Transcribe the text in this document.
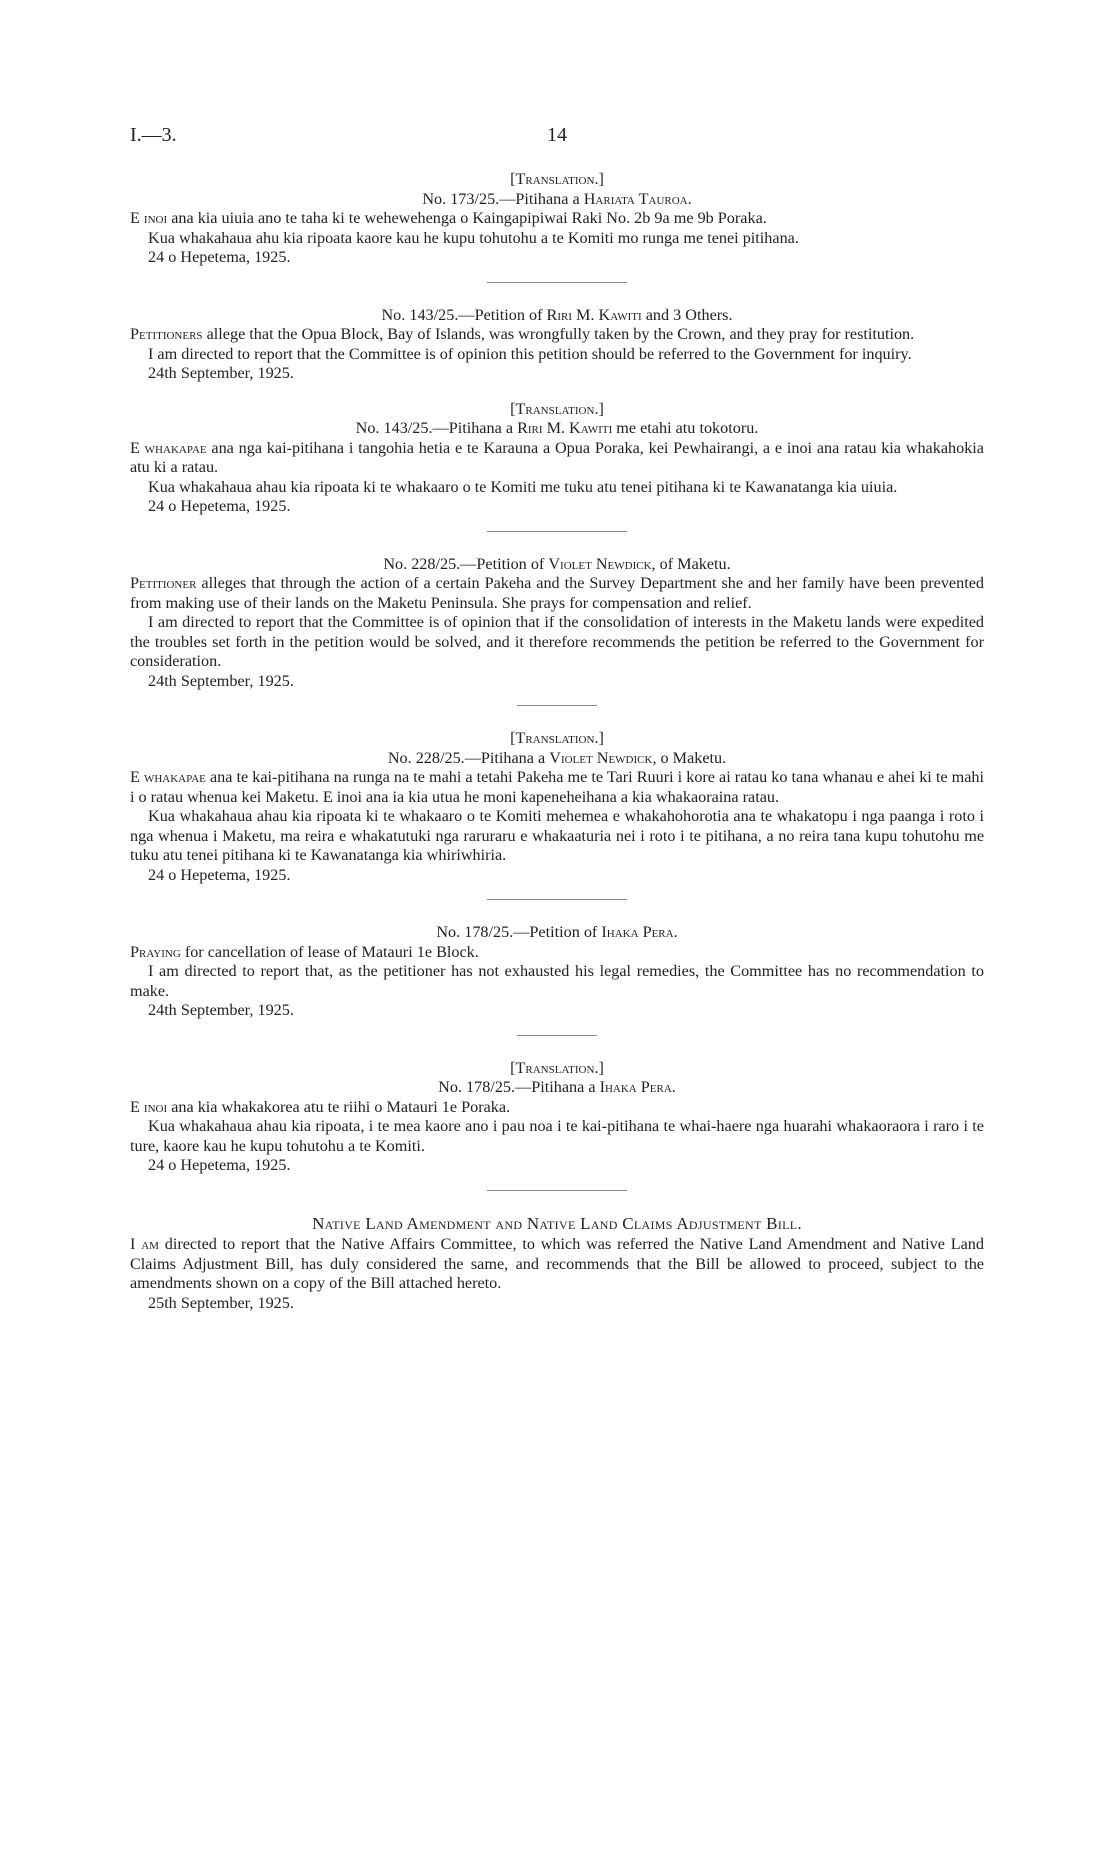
I.—3.	14
[Translation.]
No. 173/25.—Pitihana a Hariata Tauroa.

E inoi ana kia uiuia ano te taha ki te wehewehenga o Kaingapipiwai Raki No. 2b 9a me 9b Poraka.

Kua whakahaua ahu kia ripoata kaore kau he kupu tohutohu a te Komiti mo runga me tenei pitihana.

24 o Hepetema, 1925.
No. 143/25.—Petition of Riri M. Kawiti and 3 Others.

Petitioners allege that the Opua Block, Bay of Islands, was wrongfully taken by the Crown, and they pray for restitution.

I am directed to report that the Committee is of opinion this petition should be referred to the Government for inquiry.

24th September, 1925.
[Translation.]
No. 143/25.—Pitihana a Riri M. Kawiti me etahi atu tokotoru.

E whakapae ana nga kai-pitihana i tangohia hetia e te Karauna a Opua Poraka, kei Pewhairangi, a e inoi ana ratau kia whakahokia atu ki a ratau.

Kua whakahaua ahau kia ripoata ki te whakaaro o te Komiti me tuku atu tenei pitihana ki te Kawanatanga kia uiuia.

24 o Hepetema, 1925.
No. 228/25.—Petition of Violet Newdick, of Maketu.

Petitioner alleges that through the action of a certain Pakeha and the Survey Department she and her family have been prevented from making use of their lands on the Maketu Peninsula. She prays for compensation and relief.

I am directed to report that the Committee is of opinion that if the consolidation of interests in the Maketu lands were expedited the troubles set forth in the petition would be solved, and it therefore recommends the petition be referred to the Government for consideration.

24th September, 1925.
[Translation.]
No. 228/25.—Pitihana a Violet Newdick, o Maketu.

E whakapae ana te kai-pitihana na runga na te mahi a tetahi Pakeha me te Tari Ruuri i kore ai ratau ko tana whanau e ahei ki te mahi i o ratau whenua kei Maketu. E inoi ana ia kia utua he moni kapeneheihana a kia whakaoraina ratau.

Kua whakahaua ahau kia ripoata ki te whakaaro o te Komiti mehemea e whakahohorotia ana te whakatopu i nga paanga i roto i nga whenua i Maketu, ma reira e whakatutuki nga raruraru e whakaaturia nei i roto i te pitihana, a no reira tana kupu tohutohu me tuku atu tenei pitihana ki te Kawanatanga kia whiriwhiria.

24 o Hepetema, 1925.
No. 178/25.—Petition of Ihaka Pera.

Praying for cancellation of lease of Matauri 1e Block.

I am directed to report that, as the petitioner has not exhausted his legal remedies, the Committee has no recommendation to make.

24th September, 1925.
[Translation.]
No. 178/25.—Pitihana a Ihaka Pera.

E inoi ana kia whakakorea atu te riihi o Matauri 1e Poraka.

Kua whakahaua ahau kia ripoata, i te mea kaore ano i pau noa i te kai-pitihana te whai-haere nga huarahi whakaoraora i raro i te ture, kaore kau he kupu tohutohu a te Komiti.

24 o Hepetema, 1925.
Native Land Amendment and Native Land Claims Adjustment Bill.

I am directed to report that the Native Affairs Committee, to which was referred the Native Land Amendment and Native Land Claims Adjustment Bill, has duly considered the same, and recommends that the Bill be allowed to proceed, subject to the amendments shown on a copy of the Bill attached hereto.

25th September, 1925.
